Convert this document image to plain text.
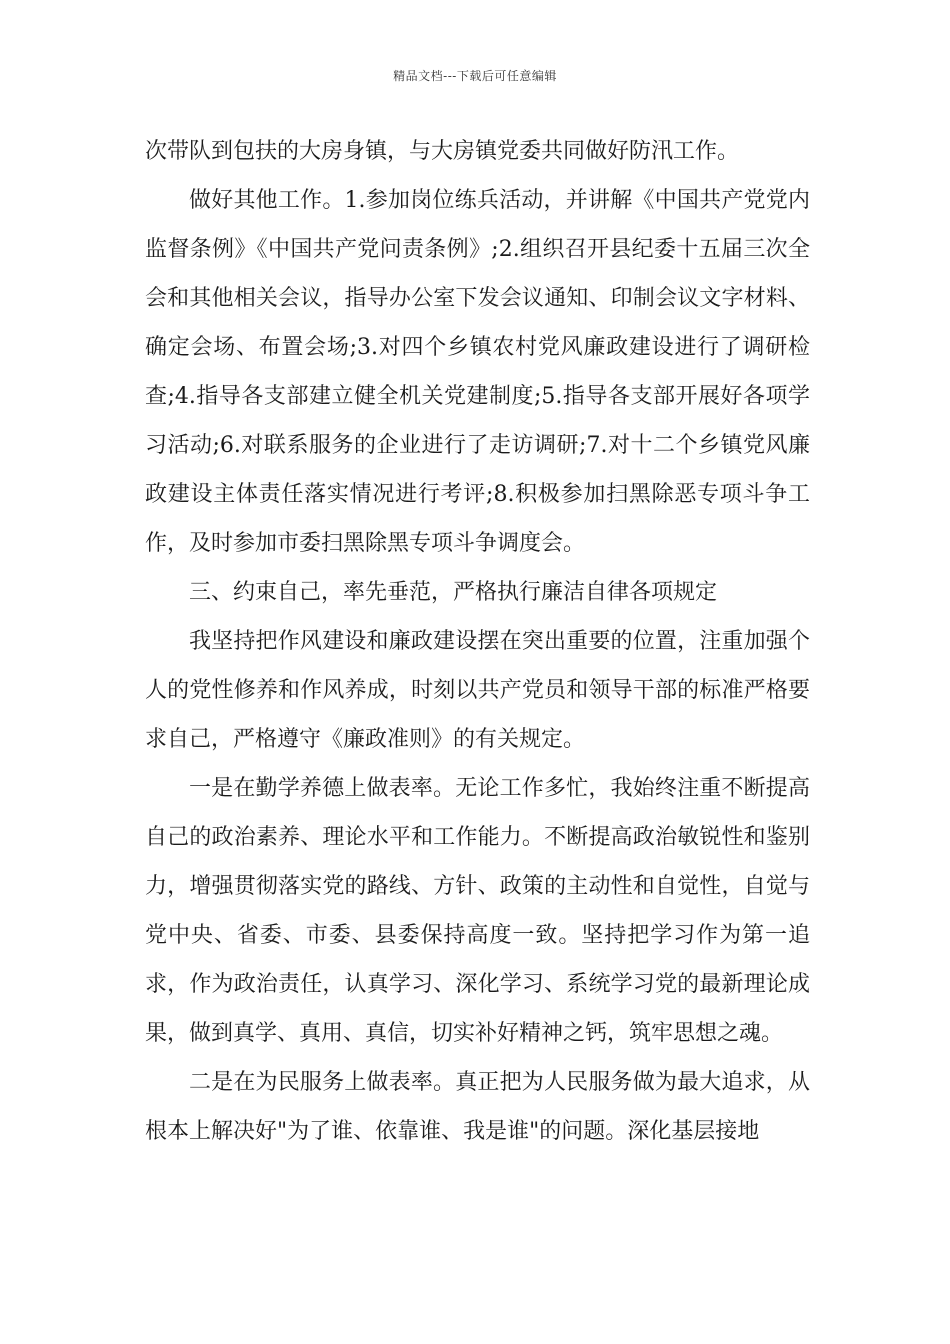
精品文档---下载后可任意编辑

次带队到包扶的大房身镇，与大房镇党委共同做好防汛工作。

做好其他工作。1.参加岗位练兵活动，并讲解《中国共产党党内监督条例》《中国共产党问责条例》;2.组织召开县纪委十五届三次全会和其他相关会议，指导办公室下发会议通知、印制会议文字材料、确定会场、布置会场;3.对四个乡镇农村党风廉政建设进行了调研检查;4.指导各支部建立健全机关党建制度;5.指导各支部开展好各项学习活动;6.对联系服务的企业进行了走访调研;7.对十二个乡镇党风廉政建设主体责任落实情况进行考评;8.积极参加扫黑除恶专项斗争工作，及时参加市委扫黑除黑专项斗争调度会。

三、约束自己，率先垂范，严格执行廉洁自律各项规定

我坚持把作风建设和廉政建设摆在突出重要的位置，注重加强个人的党性修养和作风养成，时刻以共产党员和领导干部的标准严格要求自己，严格遵守《廉政准则》的有关规定。

一是在勤学养德上做表率。无论工作多忙，我始终注重不断提高自己的政治素养、理论水平和工作能力。不断提高政治敏锐性和鉴别力，增强贯彻落实党的路线、方针、政策的主动性和自觉性，自觉与党中央、省委、市委、县委保持高度一致。坚持把学习作为第一追求，作为政治责任，认真学习、深化学习、系统学习党的最新理论成果，做到真学、真用、真信，切实补好精神之钙，筑牢思想之魂。

二是在为民服务上做表率。真正把为人民服务做为最大追求，从根本上解决好"为了谁、依靠谁、我是谁"的问题。深化基层接地
